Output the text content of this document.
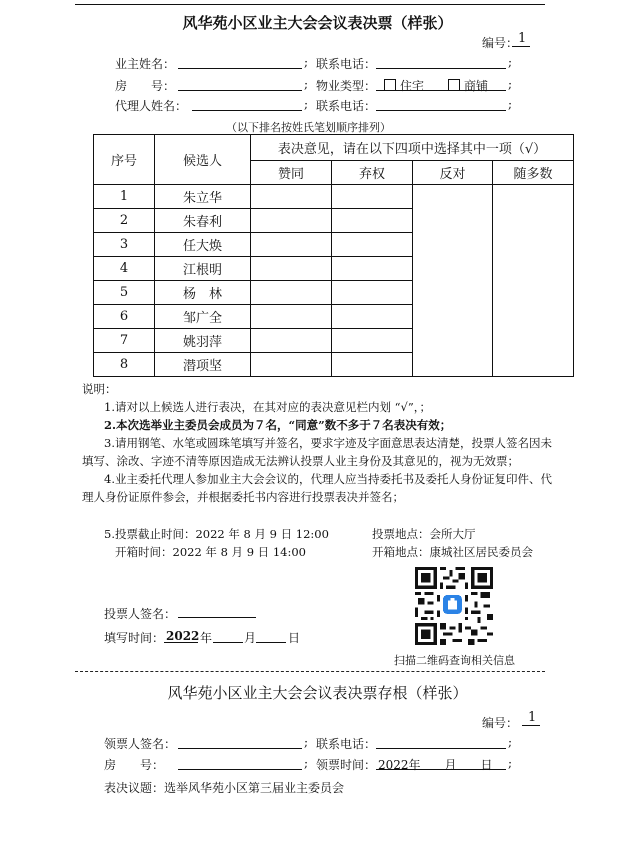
风华苑小区业主大会会议表决票（样张）
编号： 1
业主姓名：	; 联系电话：	;
房　　号：	; 物业类型：	住宅	商铺 ;
代理人姓名：	; 联系电话：	;
（以下排名按姓氏笔划顺序排列）
序号	候选人	表决意见，请在以下四项中选择其中一项（√）			
		赞同	弃权	反对	随多数
1	朱立华				
2	朱春利				
3	任大焕				
4	江根明				
5	杨　林				
6	邹广全				
7	姚羽萍				
8	潜项坚				
说明：

1.请对以上候选人进行表决，在其对应的表决意见栏内划 “√”，；

2.本次选举业主委员会成员为７名，“同意”数不多于７名表决有效；

3.请用钢笔、水笔或圆珠笔填写并签名，要求字迹及字面意思表达清楚，投票人签名因未填写、涂改、字迹不清等原因造成无法辨认投票人业主身份及其意见的，视为无效票；

4.业主委托代理人参加业主大会会议的，代理人应当持委托书及委托人身份证复印件、代理人身份证原件参会，并根据委托书内容进行投票表决并签名；

5.投票截止时间：2022 年 8 月 9 日 12:00	投票地点：会所大厅
开箱时间：2022 年 8 月 9 日 14:00	开箱地点：康城社区居民委员会
投票人签名：
填写时间： 2022 年	月	日
扫描二维码查询相关信息
风华苑小区业主大会会议表决票存根（样张）
编号： 1
领票人签名：	; 联系电话：	;
房　　号：	; 领票时间： 2022年　　月　　日 ;
表决议题：选举风华苑小区第三届业主委员会
